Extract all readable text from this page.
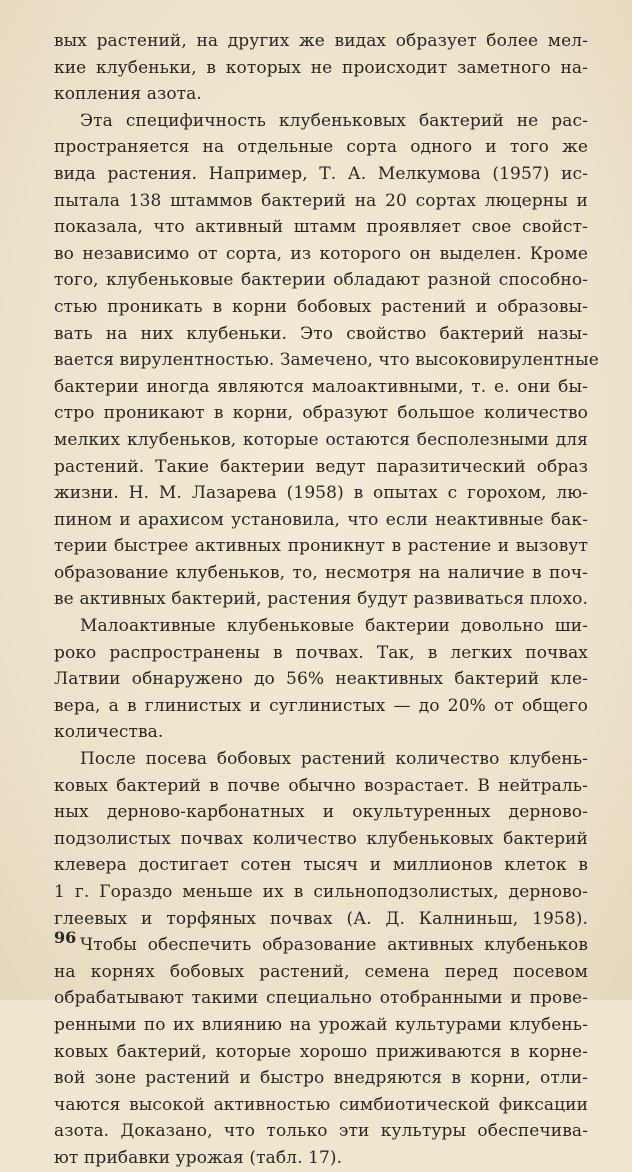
вых растений, на других же видах образует более мел-
кие клубеньки, в которых не происходит заметного на-
копления азота.
Эта специфичность клубеньковых бактерий не рас-
пространяется на отдельные сорта одного и того же
вида растения. Например, Т. А. Мелкумова (1957) ис-
пытала 138 штаммов бактерий на 20 сортах люцерны и
показала, что активный штамм проявляет свое свойст-
во независимо от сорта, из которого он выделен. Кроме
того, клубеньковые бактерии обладают разной способно-
стью проникать в корни бобовых растений и образовы-
вать на них клубеньки. Это свойство бактерий назы-
вается вирулентностью. Замечено, что высоковирулентные
бактерии иногда являются малоактивными, т. е. они бы-
стро проникают в корни, образуют большое количество
мелких клубеньков, которые остаются бесполезными для
растений. Такие бактерии ведут паразитический образ
жизни. Н. М. Лазарева (1958) в опытах с горохом, лю-
пином и арахисом установила, что если неактивные бак-
терии быстрее активных проникнут в растение и вызовут
образование клубеньков, то, несмотря на наличие в поч-
ве активных бактерий, растения будут развиваться плохо.
Малоактивные клубеньковые бактерии довольно ши-
роко распространены в почвах. Так, в легких почвах
Латвии обнаружено до 56% неактивных бактерий кле-
вера, а в глинистых и суглинистых — до 20% от общего
количества.
После посева бобовых растений количество клубень-
ковых бактерий в почве обычно возрастает. В нейтраль-
ных дерново-карбонатных и окультуренных дерново-
подзолистых почвах количество клубеньковых бактерий
клевера достигает сотен тысяч и миллионов клеток в
1 г. Гораздо меньше их в сильноподзолистых, дерново-
глеевых и торфяных почвах (А. Д. Калниньш, 1958).
Чтобы обеспечить образование активных клубеньков
на корнях бобовых растений, семена перед посевом
обрабатывают такими специально отобранными и прове-
ренными по их влиянию на урожай культурами клубень-
ковых бактерий, которые хорошо приживаются в корне-
вой зоне растений и быстро внедряются в корни, отли-
чаются высокой активностью симбиотической фиксации
азота. Доказано, что только эти культуры обеспечива-
ют прибавки урожая (табл. 17).
96
